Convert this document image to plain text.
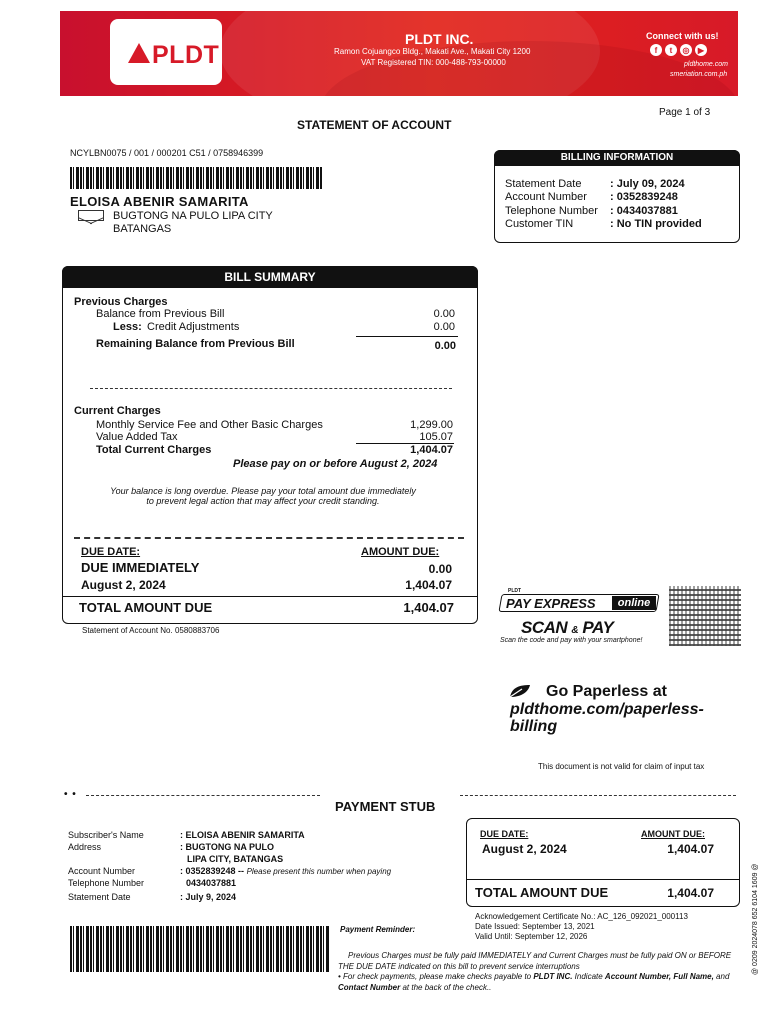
PLDT
PLDT INC.
Ramon Cojuangco Bldg., Makati Ave., Makati City 1200
VAT Registered TIN: 000-488-793-00000
Connect with us!
f	t	◎	▶
pldthome.com
smeriation.com.ph
Page 1 of 3
STATEMENT OF ACCOUNT
NCYLBN0075 / 001 / 000201 C51 / 0758946399
ELOISA ABENIR SAMARITA
BUGTONG NA PULO LIPA CITY
BATANGAS
BILLING INFORMATION
Statement Date	: July 09, 2024
Account Number : 0352839248
Telephone Number : 0434037881
Customer TIN	: No TIN provided
BILL SUMMARY
Previous Charges
Balance from Previous Bill	0.00
Less: Credit Adjustments	0.00
Remaining Balance from Previous Bill	0.00
Current Charges
Monthly Service Fee and Other Basic Charges	1,299.00
Value Added Tax	105.07
Total Current Charges	1,404.07
Please pay on or before August 2, 2024
Your balance is long overdue. Please pay your total amount due immediately
to prevent legal action that may affect your credit standing.
DUE DATE:	AMOUNT DUE:
DUE IMMEDIATELY	0.00
August 2, 2024	1,404.07
TOTAL AMOUNT DUE	1,404.07
Statement of Account No. 0580883706
PLDT
PAY EXPRESS	online
SCAN & PAY
Scan the code and pay with your smartphone!
Go Paperless at
pldthome.com/paperless-
billing
This document is not valid for claim of input tax
• •
PAYMENT STUB
Subscriber's Name	: ELOISA ABENIR SAMARITA
Address	: BUGTONG NA PULO
LIPA CITY, BATANGAS
Account Number	: 0352839248 -- Please present this number when paying
Telephone Number	0434037881
Statement Date	: July 9, 2024
DUE DATE:	AMOUNT DUE:
August 2, 2024	1,404.07
TOTAL AMOUNT DUE	1,404.07
Acknowledgement Certificate No.: AC_126_092021_000113
Date Issued: September 13, 2021
Valid Until: September 12, 2026
Payment Reminder:
Previous Charges must be fully paid IMMEDIATELY and Current Charges must be fully paid ON or BEFORE THE DUE DATE indicated on this bill to prevent service interruptions
• For check payments, please make checks payable to PLDT INC. Indicate Account Number, Full Name, and Contact Number at the back of the check..
@ 0209 2024078 652 6104 1609 @
